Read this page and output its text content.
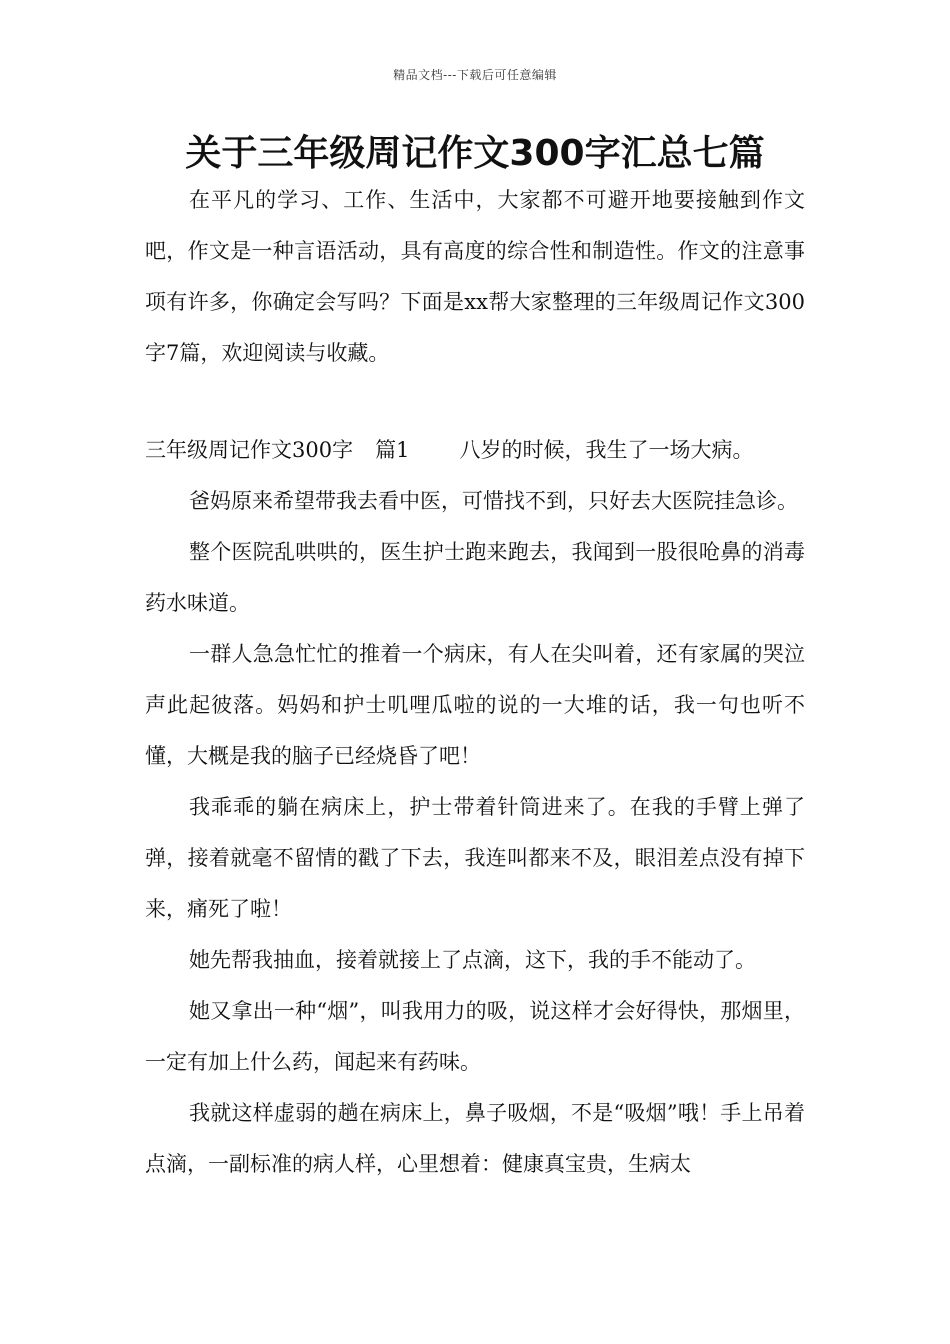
精品文档---下载后可任意编辑
关于三年级周记作文300字汇总七篇

在平凡的学习、工作、生活中，大家都不可避开地要接触到作文吧，作文是一种言语活动，具有高度的综合性和制造性。作文的注意事项有许多，你确定会写吗？下面是xx帮大家整理的三年级周记作文300字7篇，欢迎阅读与收藏。

三年级周记作文300字 篇1 八岁的时候，我生了一场大病。

爸妈原来希望带我去看中医，可惜找不到，只好去大医院挂急诊。

整个医院乱哄哄的，医生护士跑来跑去，我闻到一股很呛鼻的消毒药水味道。

一群人急急忙忙的推着一个病床，有人在尖叫着，还有家属的哭泣声此起彼落。妈妈和护士叽哩瓜啦的说的一大堆的话，我一句也听不懂，大概是我的脑子已经烧昏了吧！

我乖乖的躺在病床上，护士带着针筒进来了。在我的手臂上弹了弹，接着就毫不留情的戳了下去，我连叫都来不及，眼泪差点没有掉下来，痛死了啦！

她先帮我抽血，接着就接上了点滴，这下，我的手不能动了。

她又拿出一种“烟”，叫我用力的吸，说这样才会好得快，那烟里，一定有加上什么药，闻起来有药味。

我就这样虚弱的趟在病床上，鼻子吸烟，不是“吸烟”哦！手上吊着点滴，一副标准的病人样，心里想着：健康真宝贵，生病太
